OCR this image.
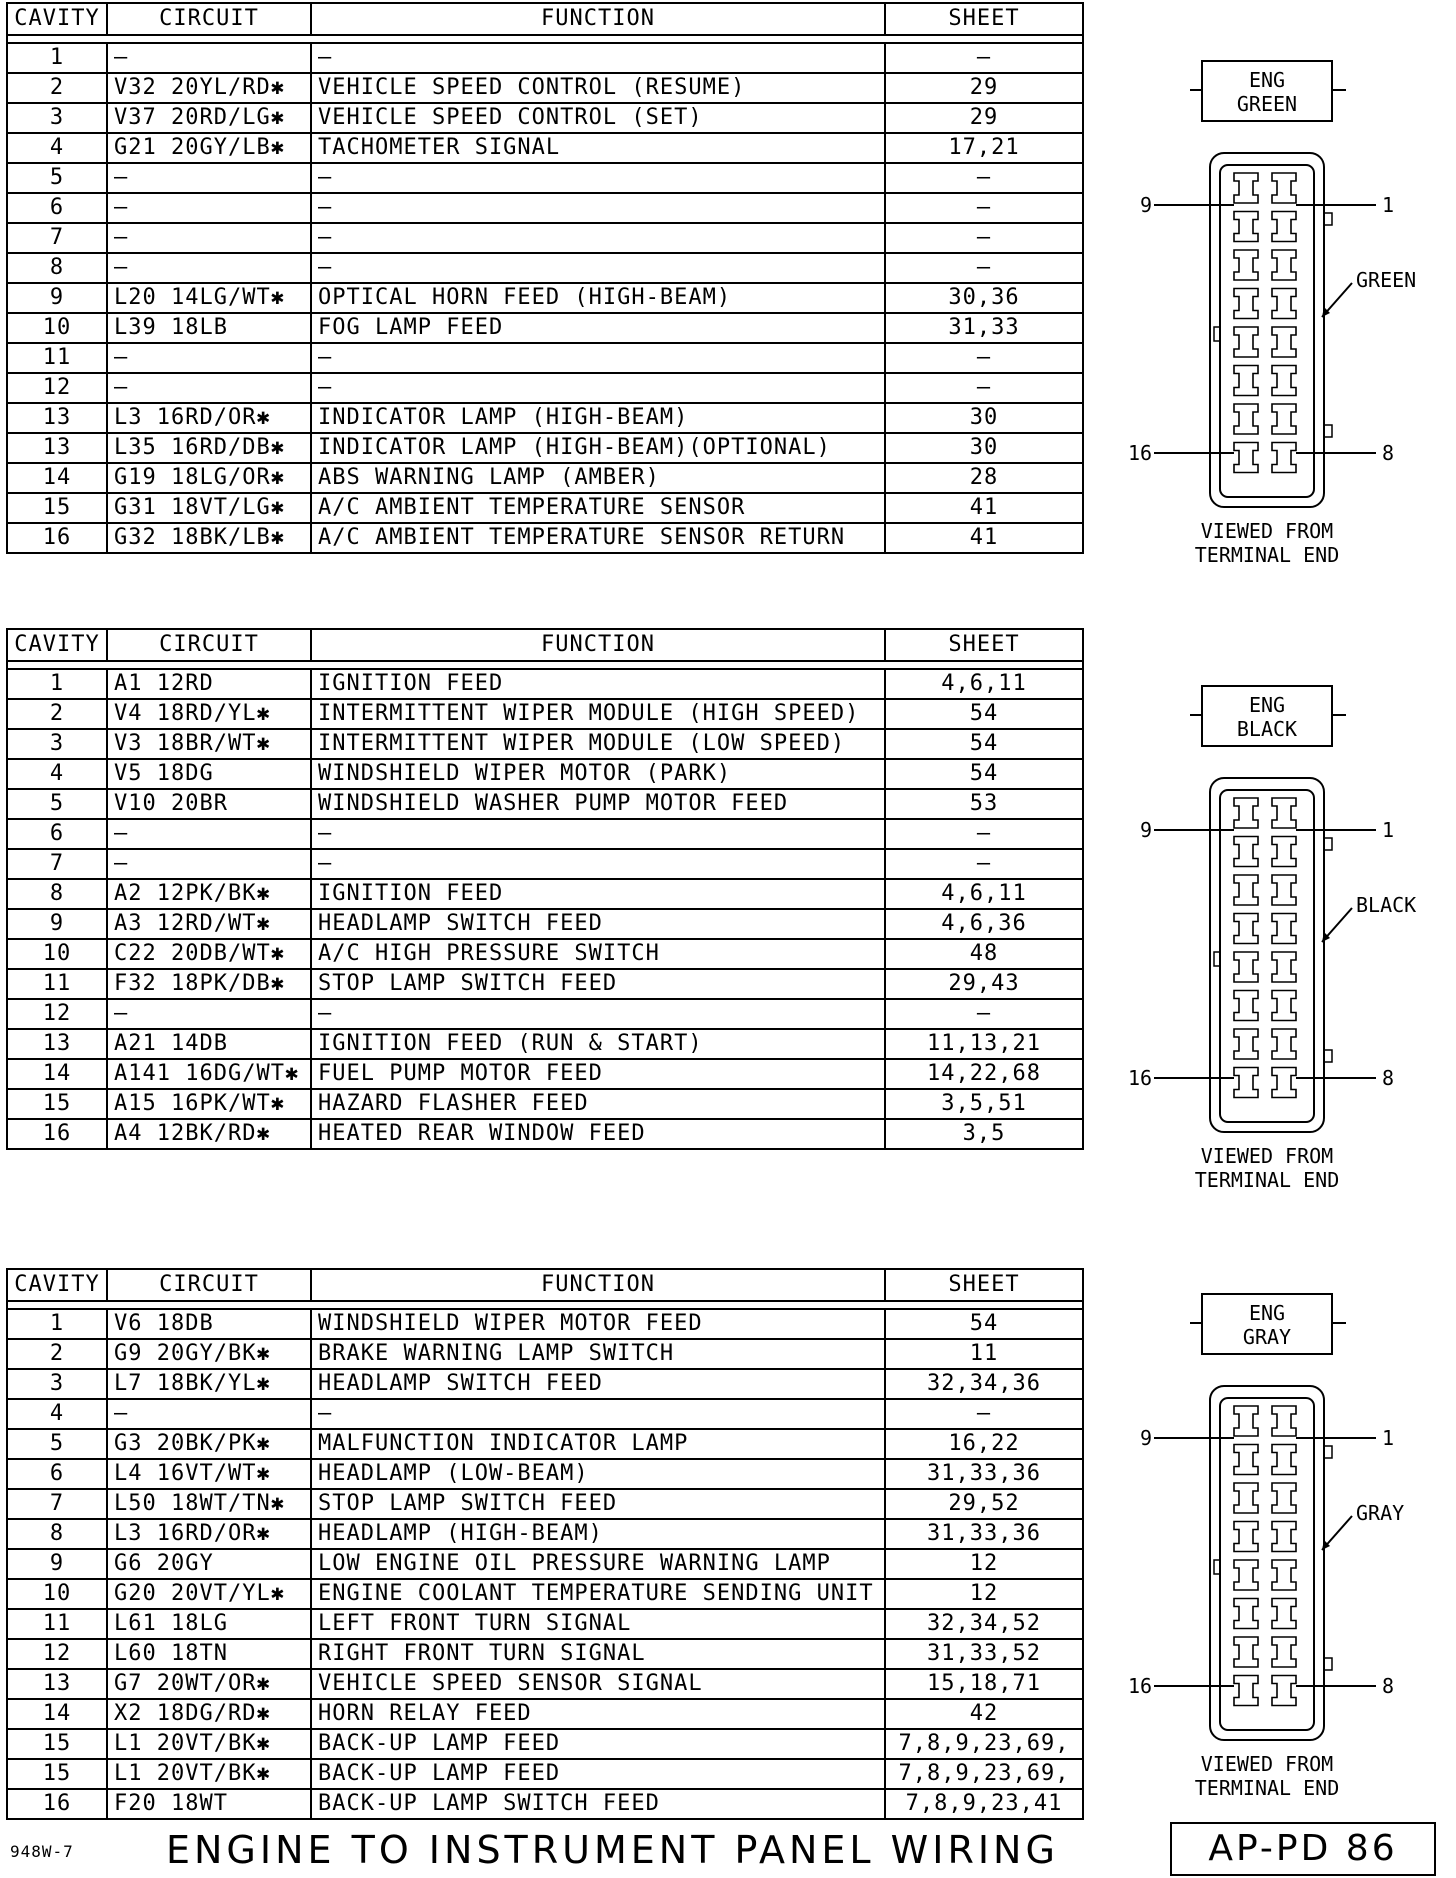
CAVITY	CIRCUIT	FUNCTION	SHEET

1	—	—	—
2	V32 20YL/RD✱	VEHICLE SPEED CONTROL (RESUME)	29
3	V37 20RD/LG✱	VEHICLE SPEED CONTROL (SET)	29
4	G21 20GY/LB✱	TACHOMETER SIGNAL	17,21
5	—	—	—
6	—	—	—
7	—	—	—
8	—	—	—
9	L20 14LG/WT✱	OPTICAL HORN FEED (HIGH-BEAM)	30,36
10	L39 18LB	FOG LAMP FEED	31,33
11	—	—	—
12	—	—	—
13	L3 16RD/OR✱	INDICATOR LAMP (HIGH-BEAM)	30
13	L35 16RD/DB✱	INDICATOR LAMP (HIGH-BEAM)(OPTIONAL)	30
14	G19 18LG/OR✱	ABS WARNING LAMP (AMBER)	28
15	G31 18VT/LG✱	A/C AMBIENT TEMPERATURE SENSOR	41
16	G32 18BK/LB✱	A/C AMBIENT TEMPERATURE SENSOR RETURN	41
CAVITY	CIRCUIT	FUNCTION	SHEET

1	A1 12RD	IGNITION FEED	4,6,11
2	V4 18RD/YL✱	INTERMITTENT WIPER MODULE (HIGH SPEED)	54
3	V3 18BR/WT✱	INTERMITTENT WIPER MODULE (LOW SPEED)	54
4	V5 18DG	WINDSHIELD WIPER MOTOR (PARK)	54
5	V10 20BR	WINDSHIELD WASHER PUMP MOTOR FEED	53
6	—	—	—
7	—	—	—
8	A2 12PK/BK✱	IGNITION FEED	4,6,11
9	A3 12RD/WT✱	HEADLAMP SWITCH FEED	4,6,36
10	C22 20DB/WT✱	A/C HIGH PRESSURE SWITCH	48
11	F32 18PK/DB✱	STOP LAMP SWITCH FEED	29,43
12	—	—	—
13	A21 14DB	IGNITION FEED (RUN & START)	11,13,21
14	A141 16DG/WT✱	FUEL PUMP MOTOR FEED	14,22,68
15	A15 16PK/WT✱	HAZARD FLASHER FEED	3,5,51
16	A4 12BK/RD✱	HEATED REAR WINDOW FEED	3,5
CAVITY	CIRCUIT	FUNCTION	SHEET

1	V6 18DB	WINDSHIELD WIPER MOTOR FEED	54
2	G9 20GY/BK✱	BRAKE WARNING LAMP SWITCH	11
3	L7 18BK/YL✱	HEADLAMP SWITCH FEED	32,34,36
4	—	—	—
5	G3 20BK/PK✱	MALFUNCTION INDICATOR LAMP	16,22
6	L4 16VT/WT✱	HEADLAMP (LOW-BEAM)	31,33,36
7	L50 18WT/TN✱	STOP LAMP SWITCH FEED	29,52
8	L3 16RD/OR✱	HEADLAMP (HIGH-BEAM)	31,33,36
9	G6 20GY	LOW ENGINE OIL PRESSURE WARNING LAMP	12
10	G20 20VT/YL✱	ENGINE COOLANT TEMPERATURE SENDING UNIT	12
11	L61 18LG	LEFT FRONT TURN SIGNAL	32,34,52
12	L60 18TN	RIGHT FRONT TURN SIGNAL	31,33,52
13	G7 20WT/OR✱	VEHICLE SPEED SENSOR SIGNAL	15,18,71
14	X2 18DG/RD✱	HORN RELAY FEED	42
15	L1 20VT/BK✱	BACK-UP LAMP FEED	7,8,9,23,69,
15	L1 20VT/BK✱	BACK-UP LAMP FEED	7,8,9,23,69,
16	F20 18WT	BACK-UP LAMP SWITCH FEED	7,8,9,23,41
ENG
GREEN
9	1
16	8
GREEN
VIEWED FROM
TERMINAL END
ENG
BLACK
9	1
16	8
BLACK
VIEWED FROM
TERMINAL END
ENG
GRAY
9	1
16	8
GRAY
VIEWED FROM
TERMINAL END
948W-7 ENGINE TO INSTRUMENT PANEL WIRING	AP-PD 86
